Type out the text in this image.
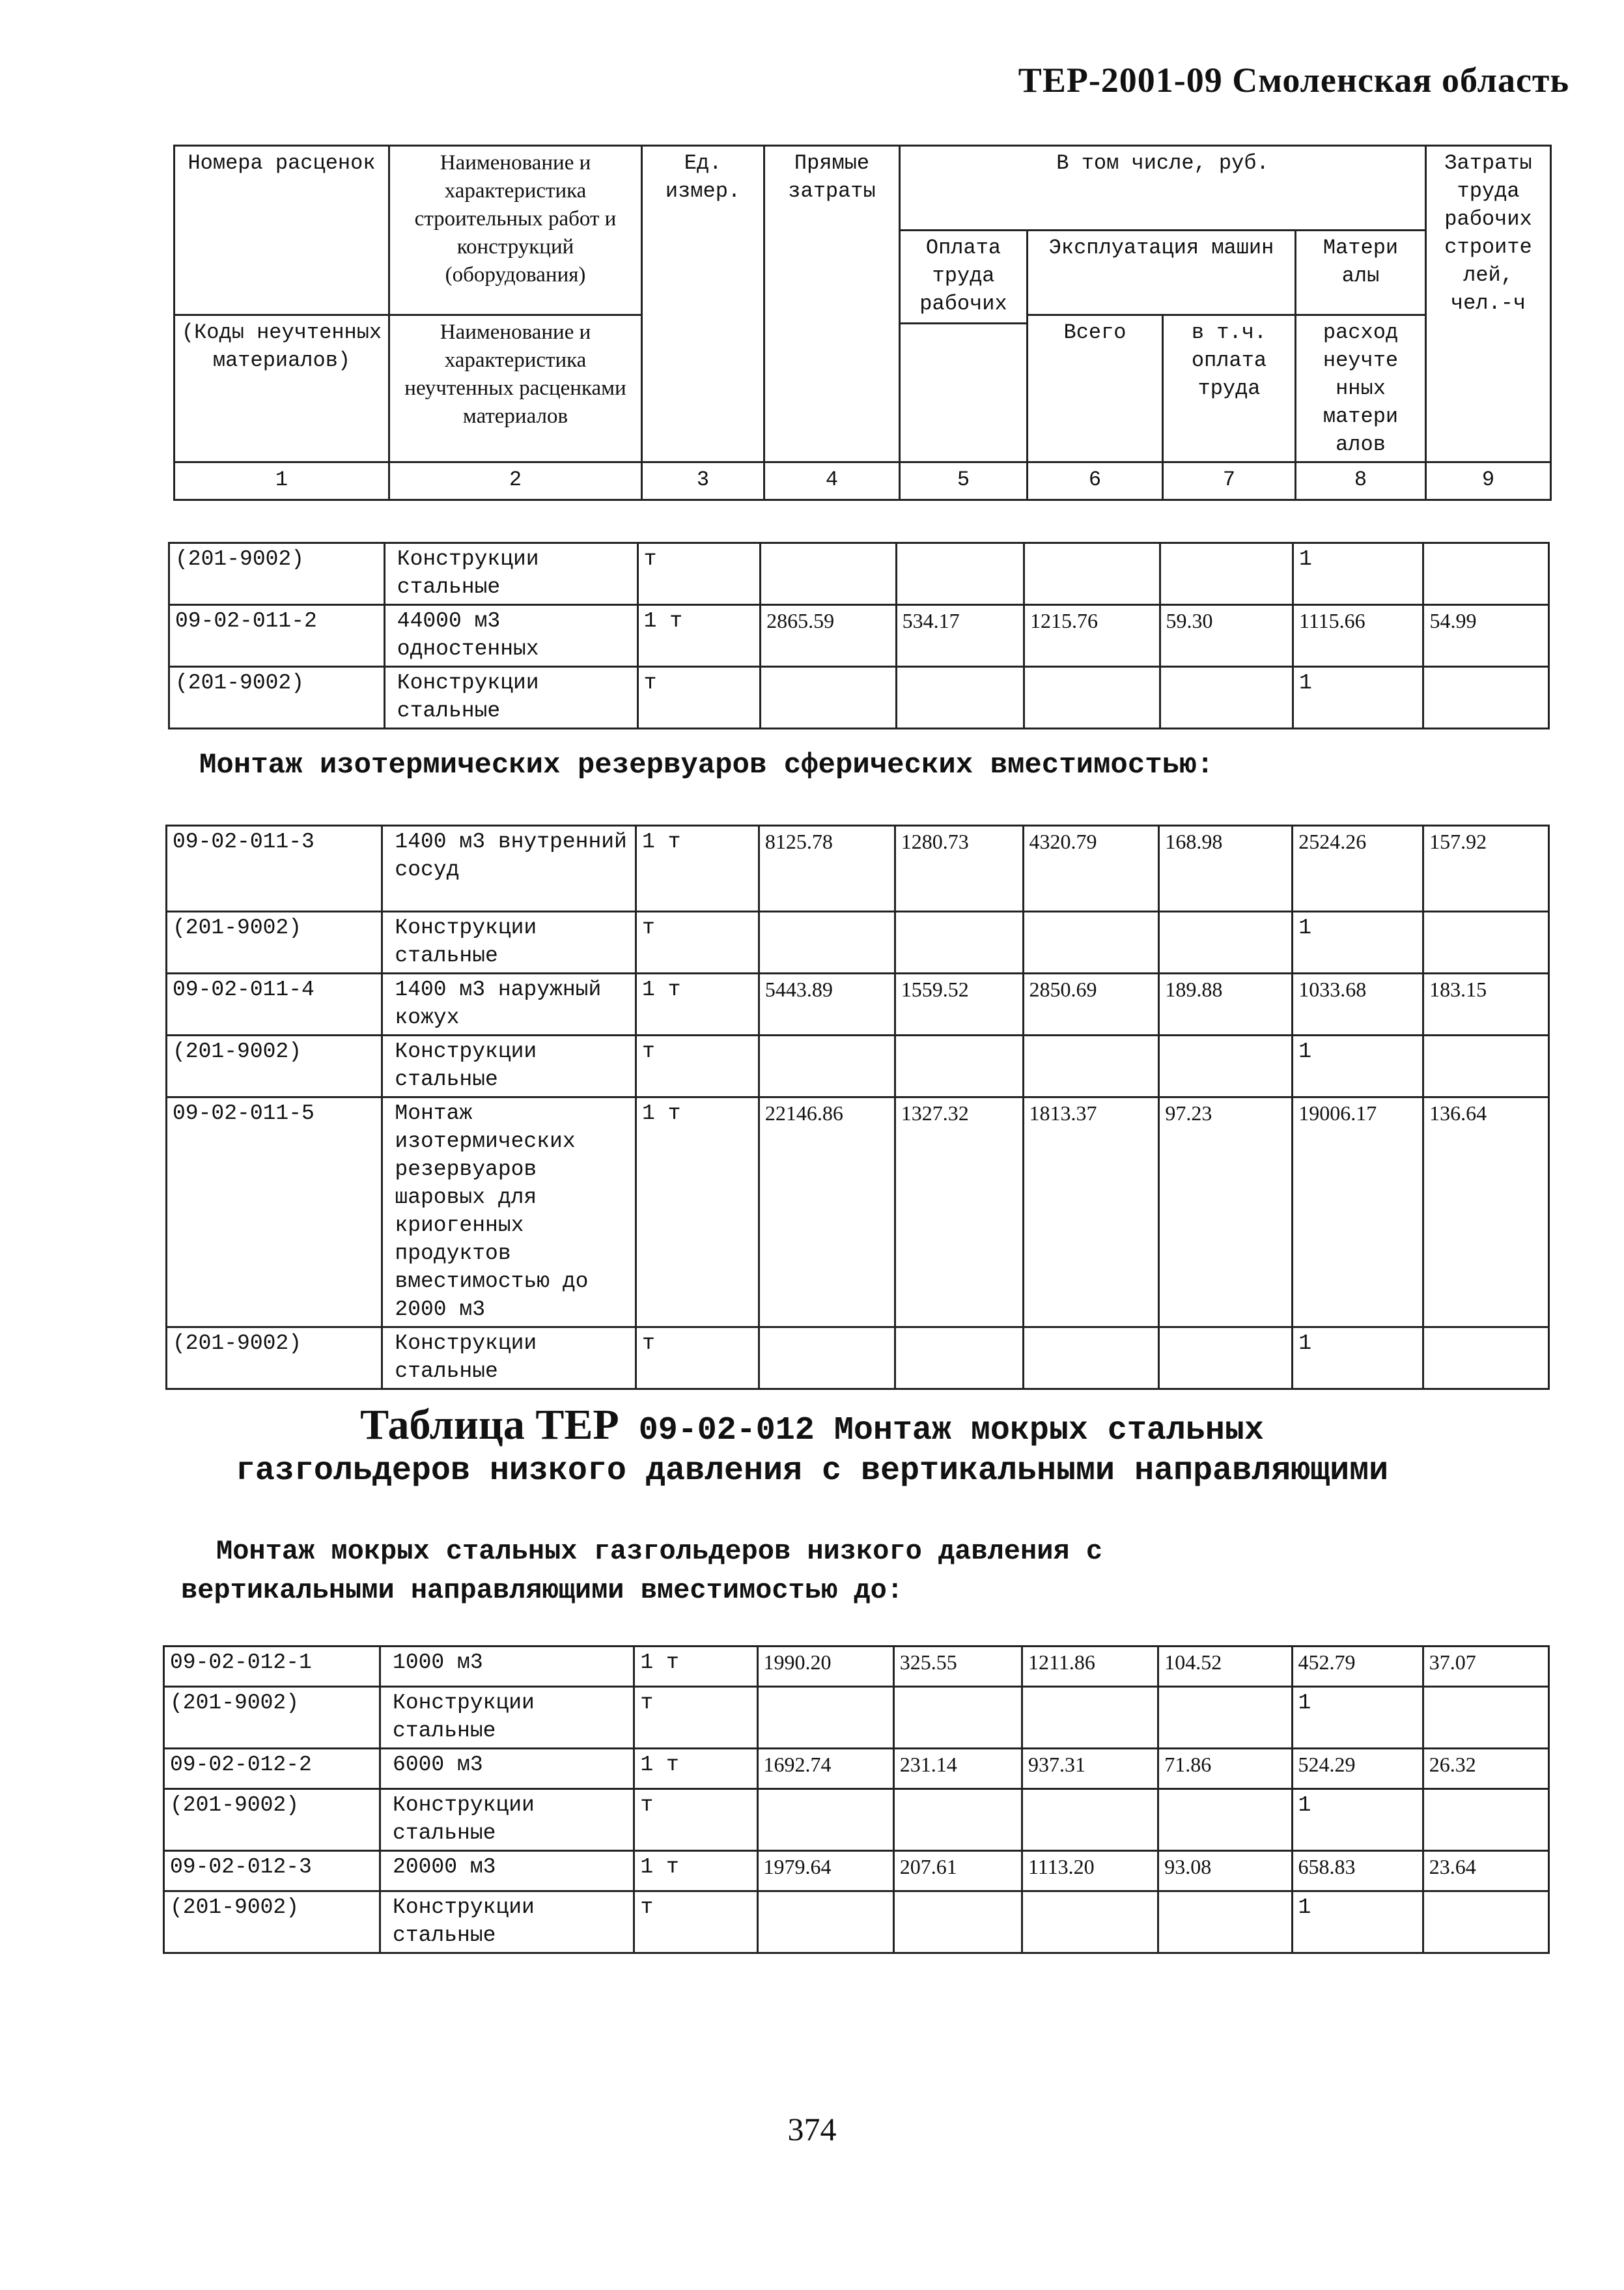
ТЕР-2001-09 Смоленская область
Номера расценок	Наименование и характеристика строительных работ и конструкций (оборудования)	Ед. измер.	Прямые затраты	В том числе, руб.				Затраты труда рабочих строите лей, чел.-ч
				Оплата труда рабочих	Эксплуатация машин		Матери алы	
(Коды неучтенных материалов)	Наименование и характеристика неучтенных расценками материалов				Всего	в т.ч. оплата труда	расход неучте нных матери алов	

1	2	3	4	5	6	7	8	9
(201-9002)	Конструкции стальные	т					1	
09-02-011-2	44000 м3 одностенных	1 т	2865.59	534.17	1215.76	59.30	1115.66	54.99
(201-9002)	Конструкции стальные	т					1	
Монтаж изотермических резервуаров сферических вместимостью:
09-02-011-3	1400 м3 внутренний сосуд	1 т	8125.78	1280.73	4320.79	168.98	2524.26	157.92
(201-9002)	Конструкции стальные	т					1	
09-02-011-4	1400 м3 наружный кожух	1 т	5443.89	1559.52	2850.69	189.88	1033.68	183.15
(201-9002)	Конструкции стальные	т					1	
09-02-011-5	Монтаж изотермических резервуаров шаровых для криогенных продуктов вместимостью до 2000 м3	1 т	22146.86	1327.32	1813.37	97.23	19006.17	136.64
(201-9002)	Конструкции стальные	т					1	
Таблица ТЕР 09-02-012 Монтаж мокрых стальных
газгольдеров низкого давления с вертикальными направляющими
Монтаж мокрых стальных газгольдеров низкого давления с
вертикальными направляющими вместимостью до:
09-02-012-1	1000 м3	1 т	1990.20	325.55	1211.86	104.52	452.79	37.07
(201-9002)	Конструкции стальные	т					1	
09-02-012-2	6000 м3	1 т	1692.74	231.14	937.31	71.86	524.29	26.32
(201-9002)	Конструкции стальные	т					1	
09-02-012-3	20000 м3	1 т	1979.64	207.61	1113.20	93.08	658.83	23.64
(201-9002)	Конструкции стальные	т					1	
374
